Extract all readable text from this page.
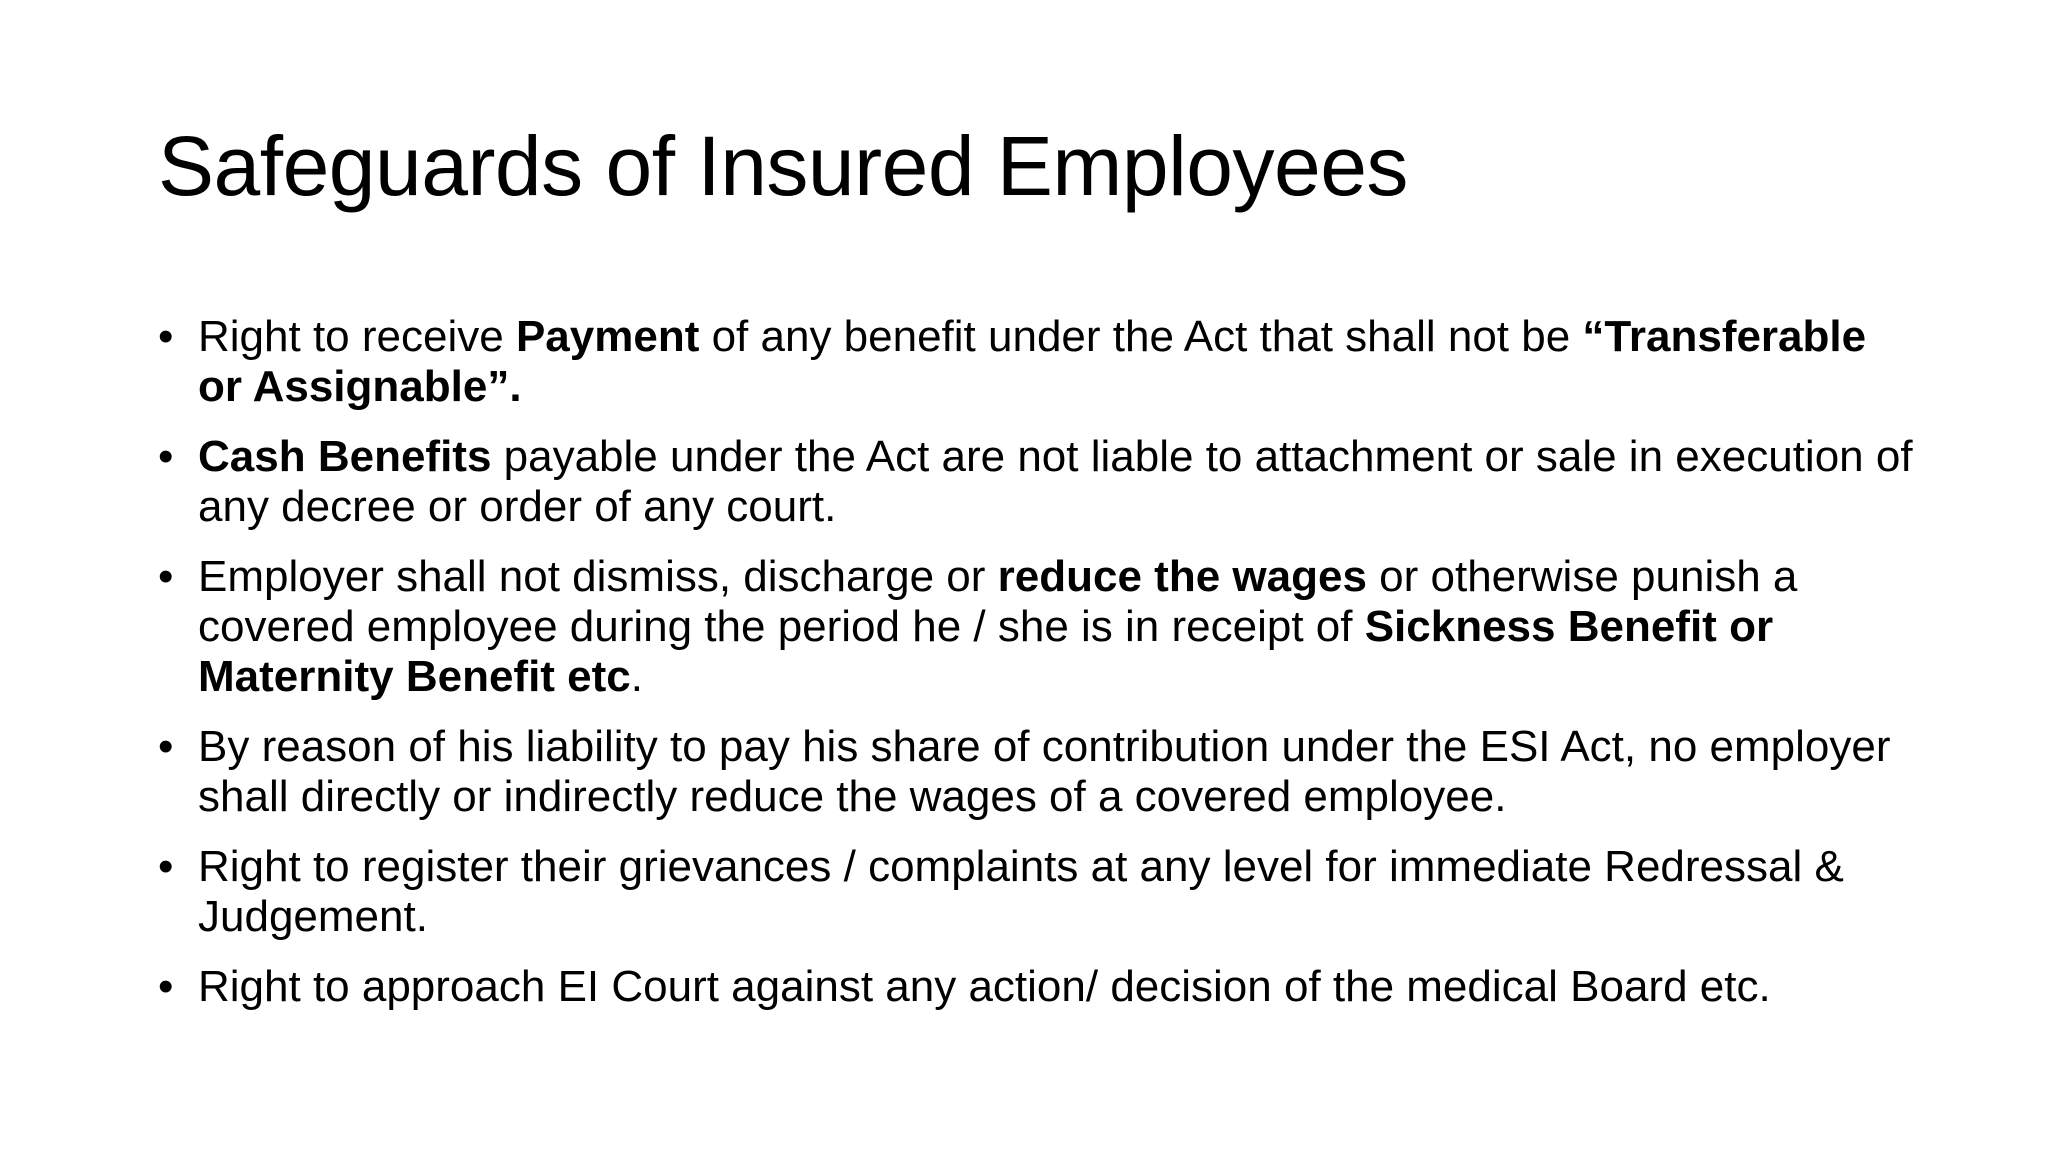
Safeguards of Insured Employees
• Right to receive Payment of any benefit under the Act that shall not be “Transferable or Assignable”.
• Cash Benefits payable under the Act are not liable to attachment or sale in execution of any decree or order of any court.
• Employer shall not dismiss, discharge or reduce the wages or otherwise punish a covered employee during the period he / she is in receipt of Sickness Benefit or Maternity Benefit etc.
• By reason of his liability to pay his share of contribution under the ESI Act, no employer shall directly or indirectly reduce the wages of a covered employee.
• Right to register their grievances / complaints at any level for immediate Redressal & Judgement.
• Right to approach EI Court against any action/ decision of the medical Board etc.
